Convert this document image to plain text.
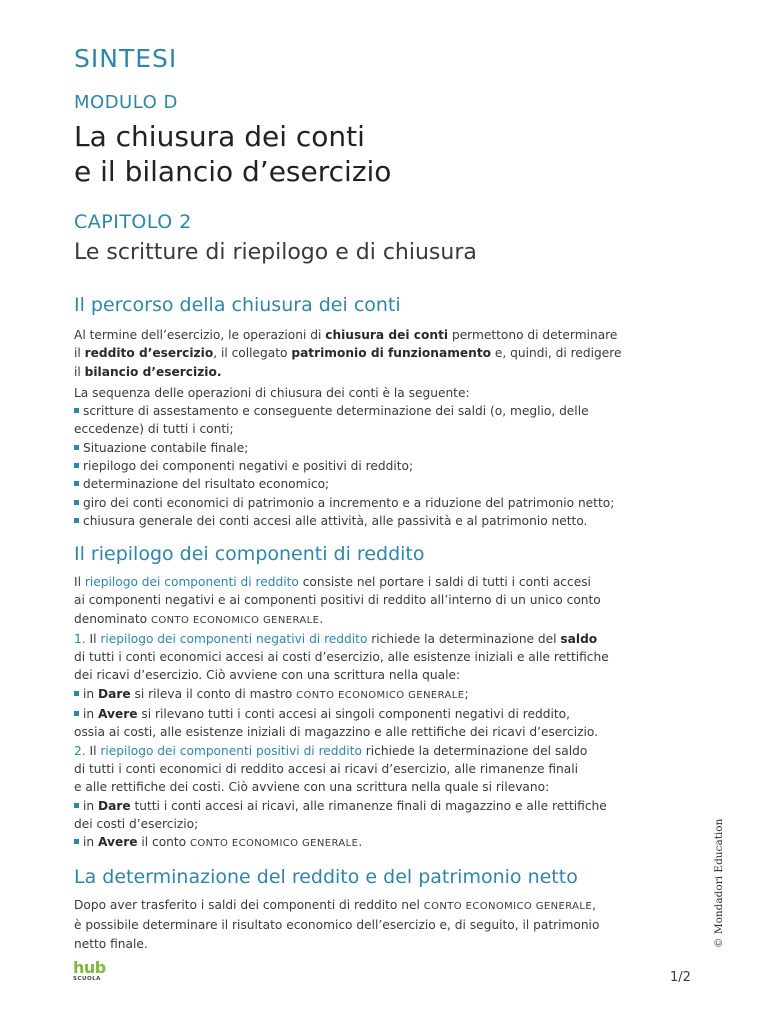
SINTESI
MODULO D
La chiusura dei conti
e il bilancio d’esercizio
CAPITOLO 2
Le scritture di riepilogo e di chiusura
Il percorso della chiusura dei conti

Al termine dell’esercizio, le operazioni di chiusura dei conti permettono di determinare
il reddito d’esercizio, il collegato patrimonio di funzionamento e, quindi, di redigere
il bilancio d’esercizio.

La sequenza delle operazioni di chiusura dei conti è la seguente:

scritture di assestamento e conseguente determinazione dei saldi (o, meglio, delle
eccedenze) di tutti i conti;

Situazione contabile finale;

riepilogo dei componenti negativi e positivi di reddito;

determinazione del risultato economico;

giro dei conti economici di patrimonio a incremento e a riduzione del patrimonio netto;

chiusura generale dei conti accesi alle attività, alle passività e al patrimonio netto.

Il riepilogo dei componenti di reddito

Il riepilogo dei componenti di reddito consiste nel portare i saldi di tutti i conti accesi
ai componenti negativi e ai componenti positivi di reddito all’interno di un unico conto
denominato CONTO ECONOMICO GENERALE.

1. Il riepilogo dei componenti negativi di reddito richiede la determinazione del saldo
di tutti i conti economici accesi ai costi d’esercizio, alle esistenze iniziali e alle rettifiche
dei ricavi d’esercizio. Ciò avviene con una scrittura nella quale:

in Dare si rileva il conto di mastro CONTO ECONOMICO GENERALE;

in Avere si rilevano tutti i conti accesi ai singoli componenti negativi di reddito,
ossia ai costi, alle esistenze iniziali di magazzino e alle rettifiche dei ricavi d’esercizio.

2. Il riepilogo dei componenti positivi di reddito richiede la determinazione del saldo
di tutti i conti economici di reddito accesi ai ricavi d’esercizio, alle rimanenze finali
e alle rettifiche dei costi. Ciò avviene con una scrittura nella quale si rilevano:

in Dare tutti i conti accesi ai ricavi, alle rimanenze finali di magazzino e alle rettifiche
dei costi d’esercizio;

in Avere il conto CONTO ECONOMICO GENERALE.

La determinazione del reddito e del patrimonio netto

Dopo aver trasferito i saldi dei componenti di reddito nel CONTO ECONOMICO GENERALE,
è possibile determinare il risultato economico dell’esercizio e, di seguito, il patrimonio
netto finale.	© Mondadori Education
hub
SCUOLA	1/2
